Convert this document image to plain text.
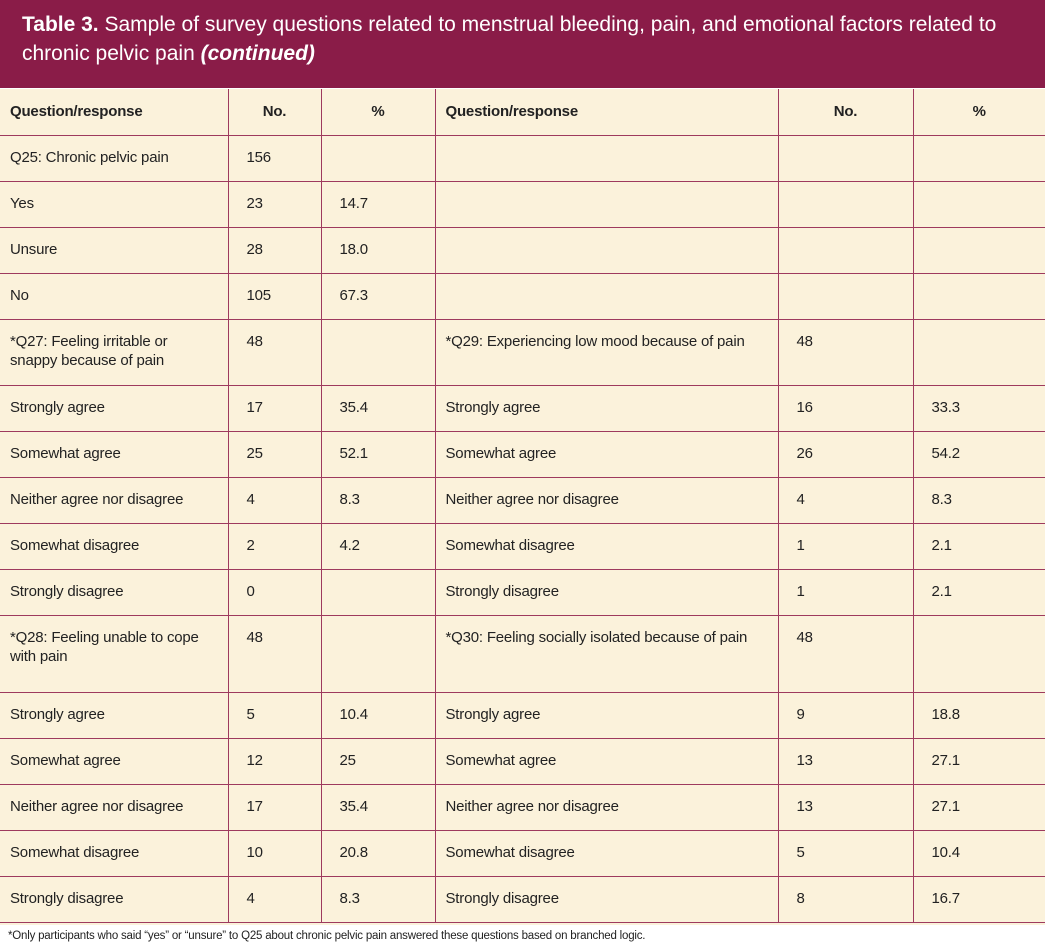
Table 3. Sample of survey questions related to menstrual bleeding, pain, and emotional factors related to chronic pelvic pain (continued)
Question/response	No.	%	Question/response	No.	%
Q25: Chronic pelvic pain	156				
Yes	23	14.7			
Unsure	28	18.0			
No	105	67.3			
*Q27: Feeling irritable or snappy because of pain	48		*Q29: Experiencing low mood because of pain	48	
Strongly agree	17	35.4	Strongly agree	16	33.3
Somewhat agree	25	52.1	Somewhat agree	26	54.2
Neither agree nor disagree	4	8.3	Neither agree nor disagree	4	8.3
Somewhat disagree	2	4.2	Somewhat disagree	1	2.1
Strongly disagree	0		Strongly disagree	1	2.1
*Q28: Feeling unable to cope with pain	48		*Q30: Feeling socially isolated because of pain	48	
Strongly agree	5	10.4	Strongly agree	9	18.8
Somewhat agree	12	25	Somewhat agree	13	27.1
Neither agree nor disagree	17	35.4	Neither agree nor disagree	13	27.1
Somewhat disagree	10	20.8	Somewhat disagree	5	10.4
Strongly disagree	4	8.3	Strongly disagree	8	16.7
*Only participants who said “yes” or “unsure” to Q25 about chronic pelvic pain answered these questions based on branched logic.
